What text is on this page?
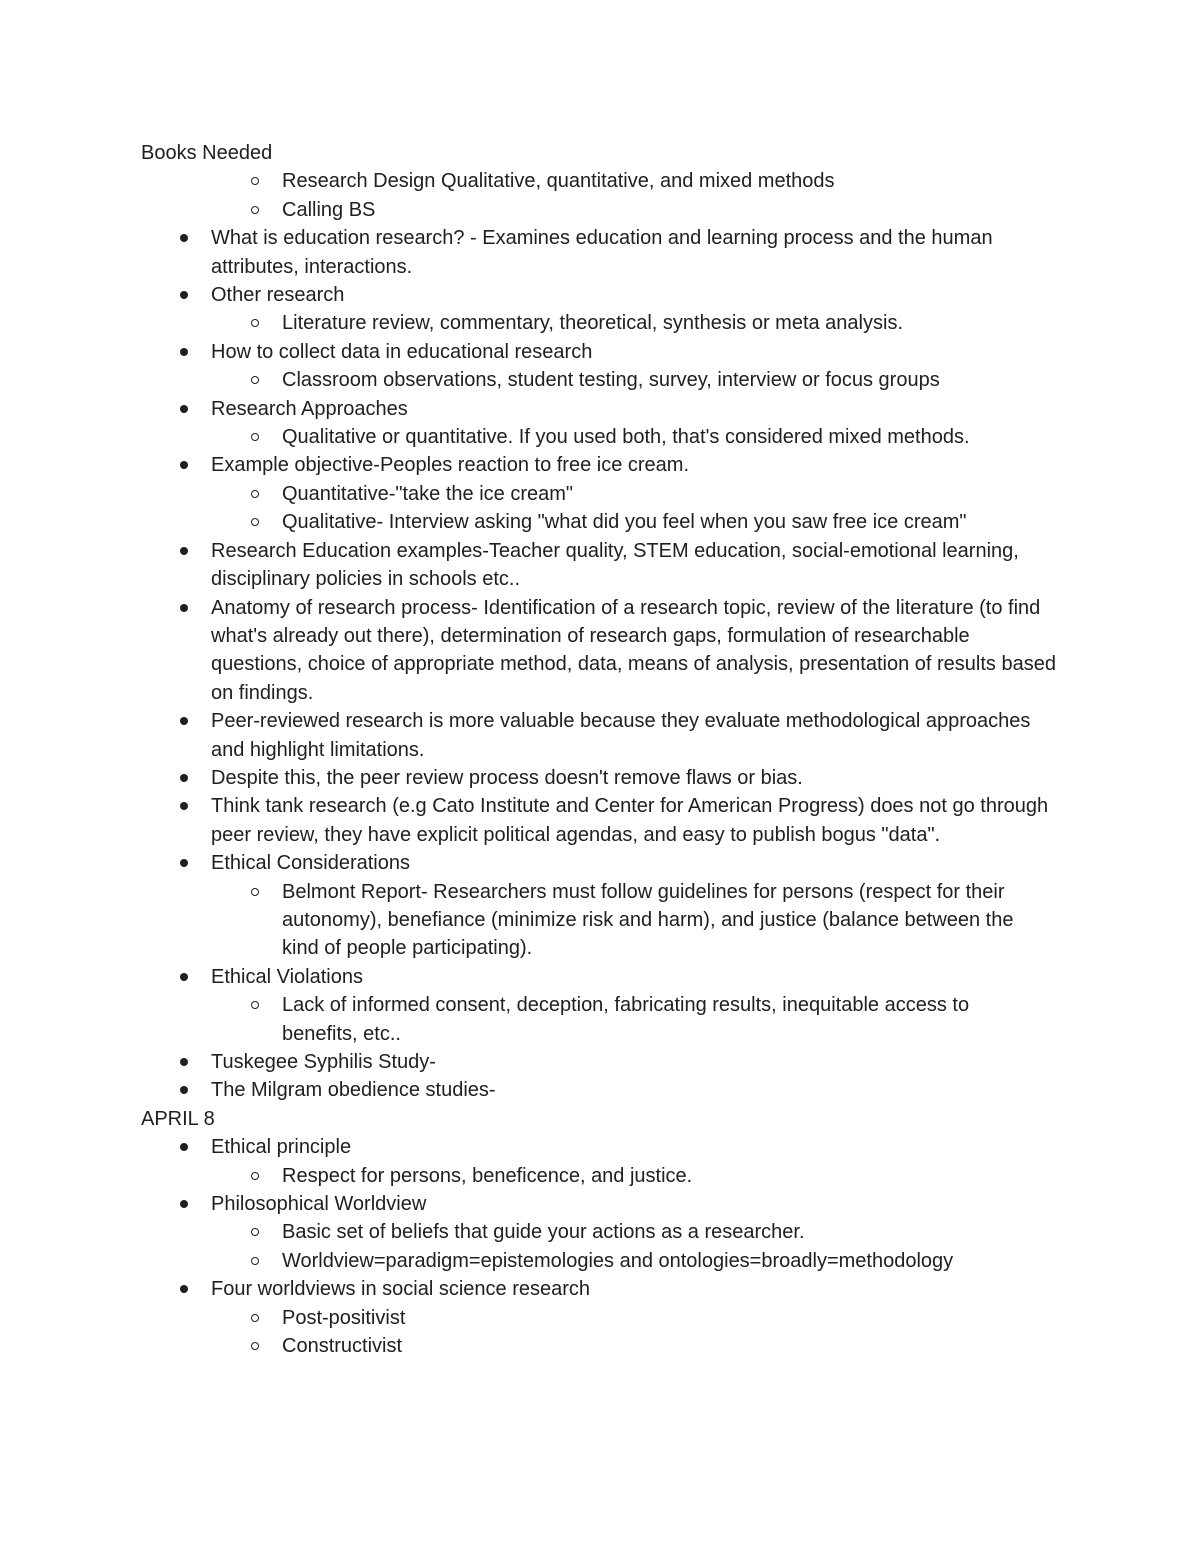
Books Needed

Research Design Qualitative, quantitative, and mixed methods
Calling BS
What is education research? - Examines education and learning process and the human attributes, interactions.
Other research
Literature review, commentary, theoretical, synthesis or meta analysis.
How to collect data in educational research
Classroom observations, student testing, survey, interview or focus groups
Research Approaches
Qualitative or quantitative. If you used both, that's considered mixed methods.
Example objective-Peoples reaction to free ice cream.
Quantitative-"take the ice cream"
Qualitative- Interview asking "what did you feel when you saw free ice cream"
Research Education examples-Teacher quality, STEM education, social-emotional learning, disciplinary policies in schools etc..
Anatomy of research process- Identification of a research topic, review of the literature (to find what's already out there), determination of research gaps, formulation of researchable questions, choice of appropriate method, data, means of analysis, presentation of results based on findings.
Peer-reviewed research is more valuable because they evaluate methodological approaches and highlight limitations.
Despite this, the peer review process doesn't remove flaws or bias.
Think tank research (e.g Cato Institute and Center for American Progress) does not go through peer review, they have explicit political agendas, and easy to publish bogus "data".
Ethical Considerations
Belmont Report- Researchers must follow guidelines for persons (respect for their autonomy), benefiance (minimize risk and harm), and justice (balance between the kind of people participating).
Ethical Violations
Lack of informed consent, deception, fabricating results, inequitable access to benefits, etc..
Tuskegee Syphilis Study-
The Milgram obedience studies-

APRIL 8

Ethical principle
Respect for persons, beneficence, and justice.
Philosophical Worldview
Basic set of beliefs that guide your actions as a researcher.
Worldview=paradigm=epistemologies and ontologies=broadly=methodology
Four worldviews in social science research
Post-positivist
Constructivist
